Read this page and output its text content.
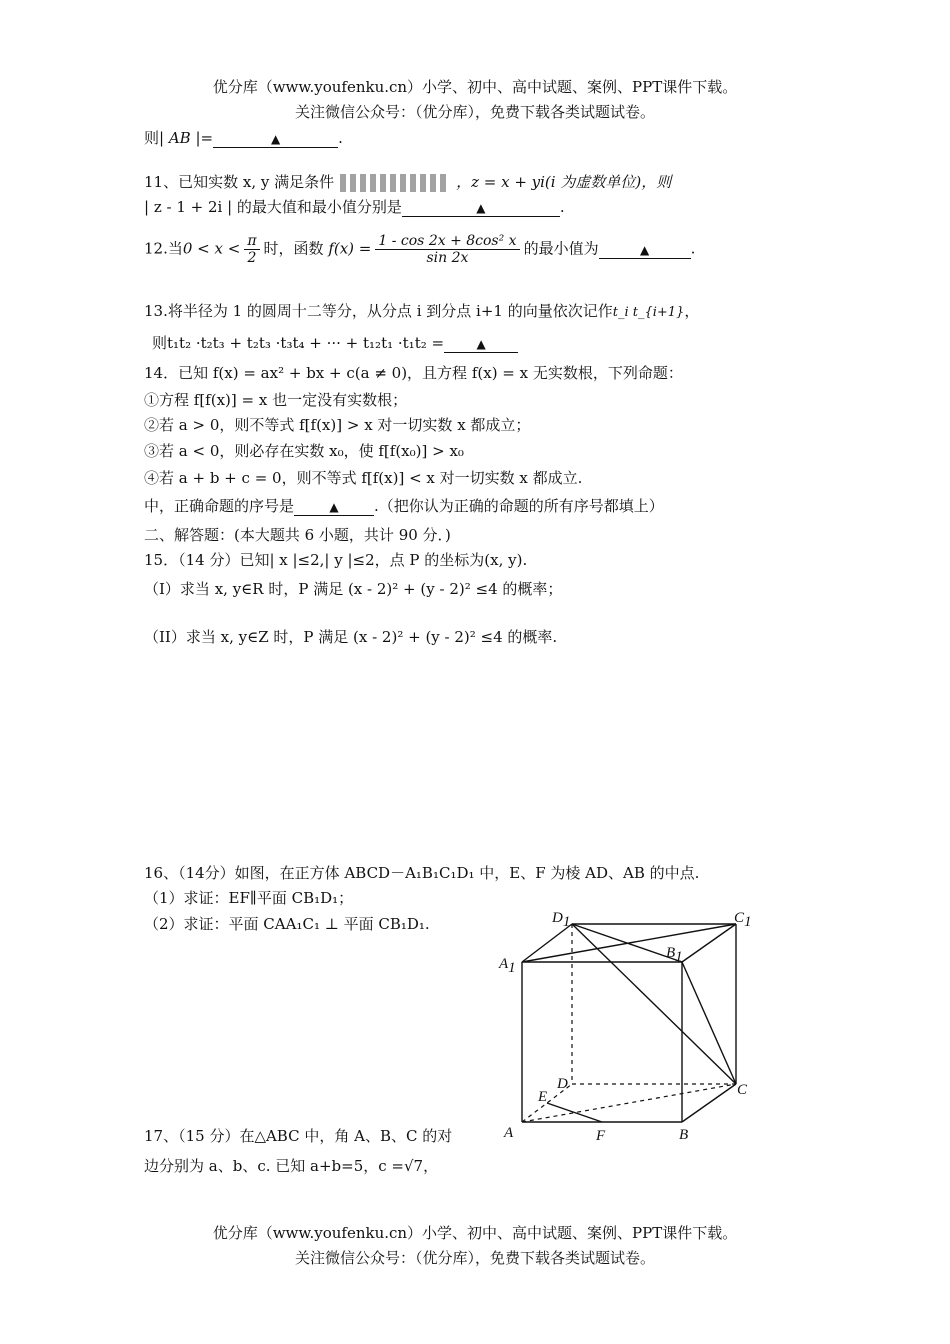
优分库（www.youfenku.cn）小学、初中、高中试题、案例、PPT课件下载。
关注微信公众号：（优分库），免费下载各类试题试卷。
则| AB |=	▲	.
11、已知实数 x, y 满足条件	，z = x + yi(i 为虚数单位)，则
| z - 1 + 2i | 的最大值和最小值分别是	▲	.
12.当$0 < x < \frac{\pi}{2}$ 时，函数 $f(x) = \frac{\text{1 - cos 2x + 8cos² x}}{\sin 2x}$ 的最小值为	▲	.
13.将半径为 1 的圆周十二等分，从分点 i 到分点 i+1 的向量依次记作t_i t_{i+1}，
则t₁t₂ ·t₂t₃ + t₂t₃ ·t₃t₄ + ··· + t₁₂t₁ ·t₁t₂ =	▲
14．已知 f(x) = ax² + bx + c(a ≠ 0)，且方程 f(x) = x 无实数根，下列命题：
①方程 f[f(x)] = x 也一定没有实数根；
②若 a > 0，则不等式 f[f(x)] > x 对一切实数 x 都成立；
③若 a < 0，则必存在实数 x₀，使 f[f(x₀)] > x₀
④若 a + b + c = 0，则不等式 f[f(x)] < x 对一切实数 x 都成立.
中，正确命题的序号是	▲ .（把你认为正确的命题的所有序号都填上）
二、解答题：(本大题共 6 小题，共计 90 分．)
15．（14 分）已知| x |≤2,| y |≤2，点 P 的坐标为(x, y).
（I）求当 x, y∈R 时，P 满足 (x - 2)² + (y - 2)² ≤4 的概率；
（II）求当 x, y∈Z 时，P 满足 (x - 2)² + (y - 2)² ≤4 的概率.
16、（14分）如图，在正方体 ABCD－A₁B₁C₁D₁ 中，E、F 为棱 AD、AB 的中点.
（1）求证：EF∥平面 CB₁D₁；
（2）求证：平面 CAA₁C₁ ⊥ 平面 CB₁D₁.
17、（15 分）在△ABC 中，角 A、B、C 的对
边分别为 a、b、c. 已知 a+b=5，c =√7，
D1	C1
A1
B1
D	C
E
A	F	B
优分库（www.youfenku.cn）小学、初中、高中试题、案例、PPT课件下载。
关注微信公众号：（优分库），免费下载各类试题试卷。
